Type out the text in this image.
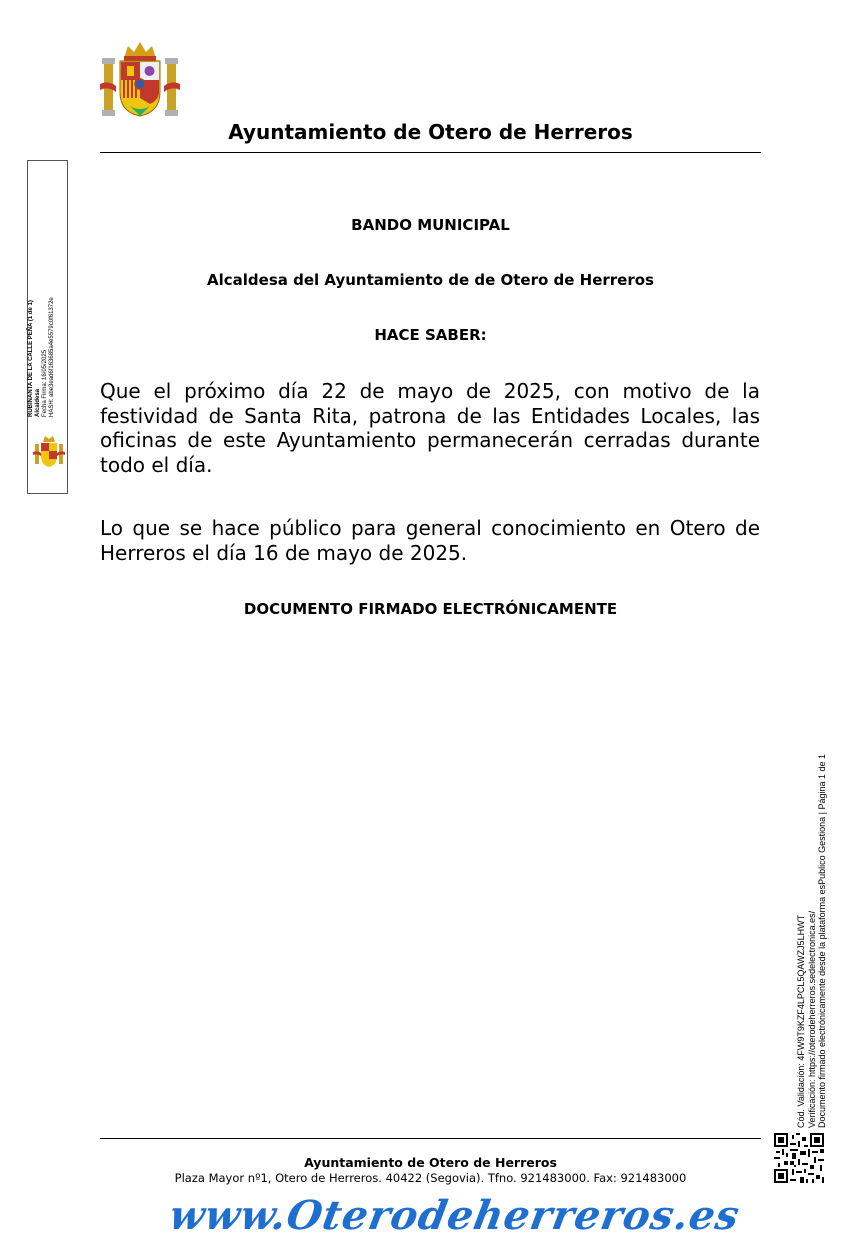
Ayuntamiento de Otero de Herreros
RUBINANTA DE LA CALLE PEÑA (1 de 1) Alcaldesa Fecha Firma: 16/05/2025 HASH: abe3ead6f163685a4e5579c0f61372e
BANDO MUNICIPAL
Alcaldesa del Ayuntamiento de de Otero de Herreros
HACE SABER:
Que el próximo día 22 de mayo de 2025, con motivo de la festividad de Santa Rita, patrona de las Entidades Locales, las oficinas de este Ayuntamiento permanecerán cerradas durante todo el día.
Lo que se hace público para general conocimiento en Otero de Herreros el día 16 de mayo de 2025.
DOCUMENTO FIRMADO ELECTRÓNICAMENTE
Cód. Validación: 4FW9T9KZF4LPCL5QAWZJ5LHWT Verificación: https://oterodeherreros.sedelectronica.es/ Documento firmado electrónicamente desde la plataforma esPublico Gestiona | Página 1 de 1
Ayuntamiento de Otero de Herreros
Plaza Mayor nº1, Otero de Herreros. 40422 (Segovia). Tfno. 921483000. Fax: 921483000
www.Oterodeherreros.es
